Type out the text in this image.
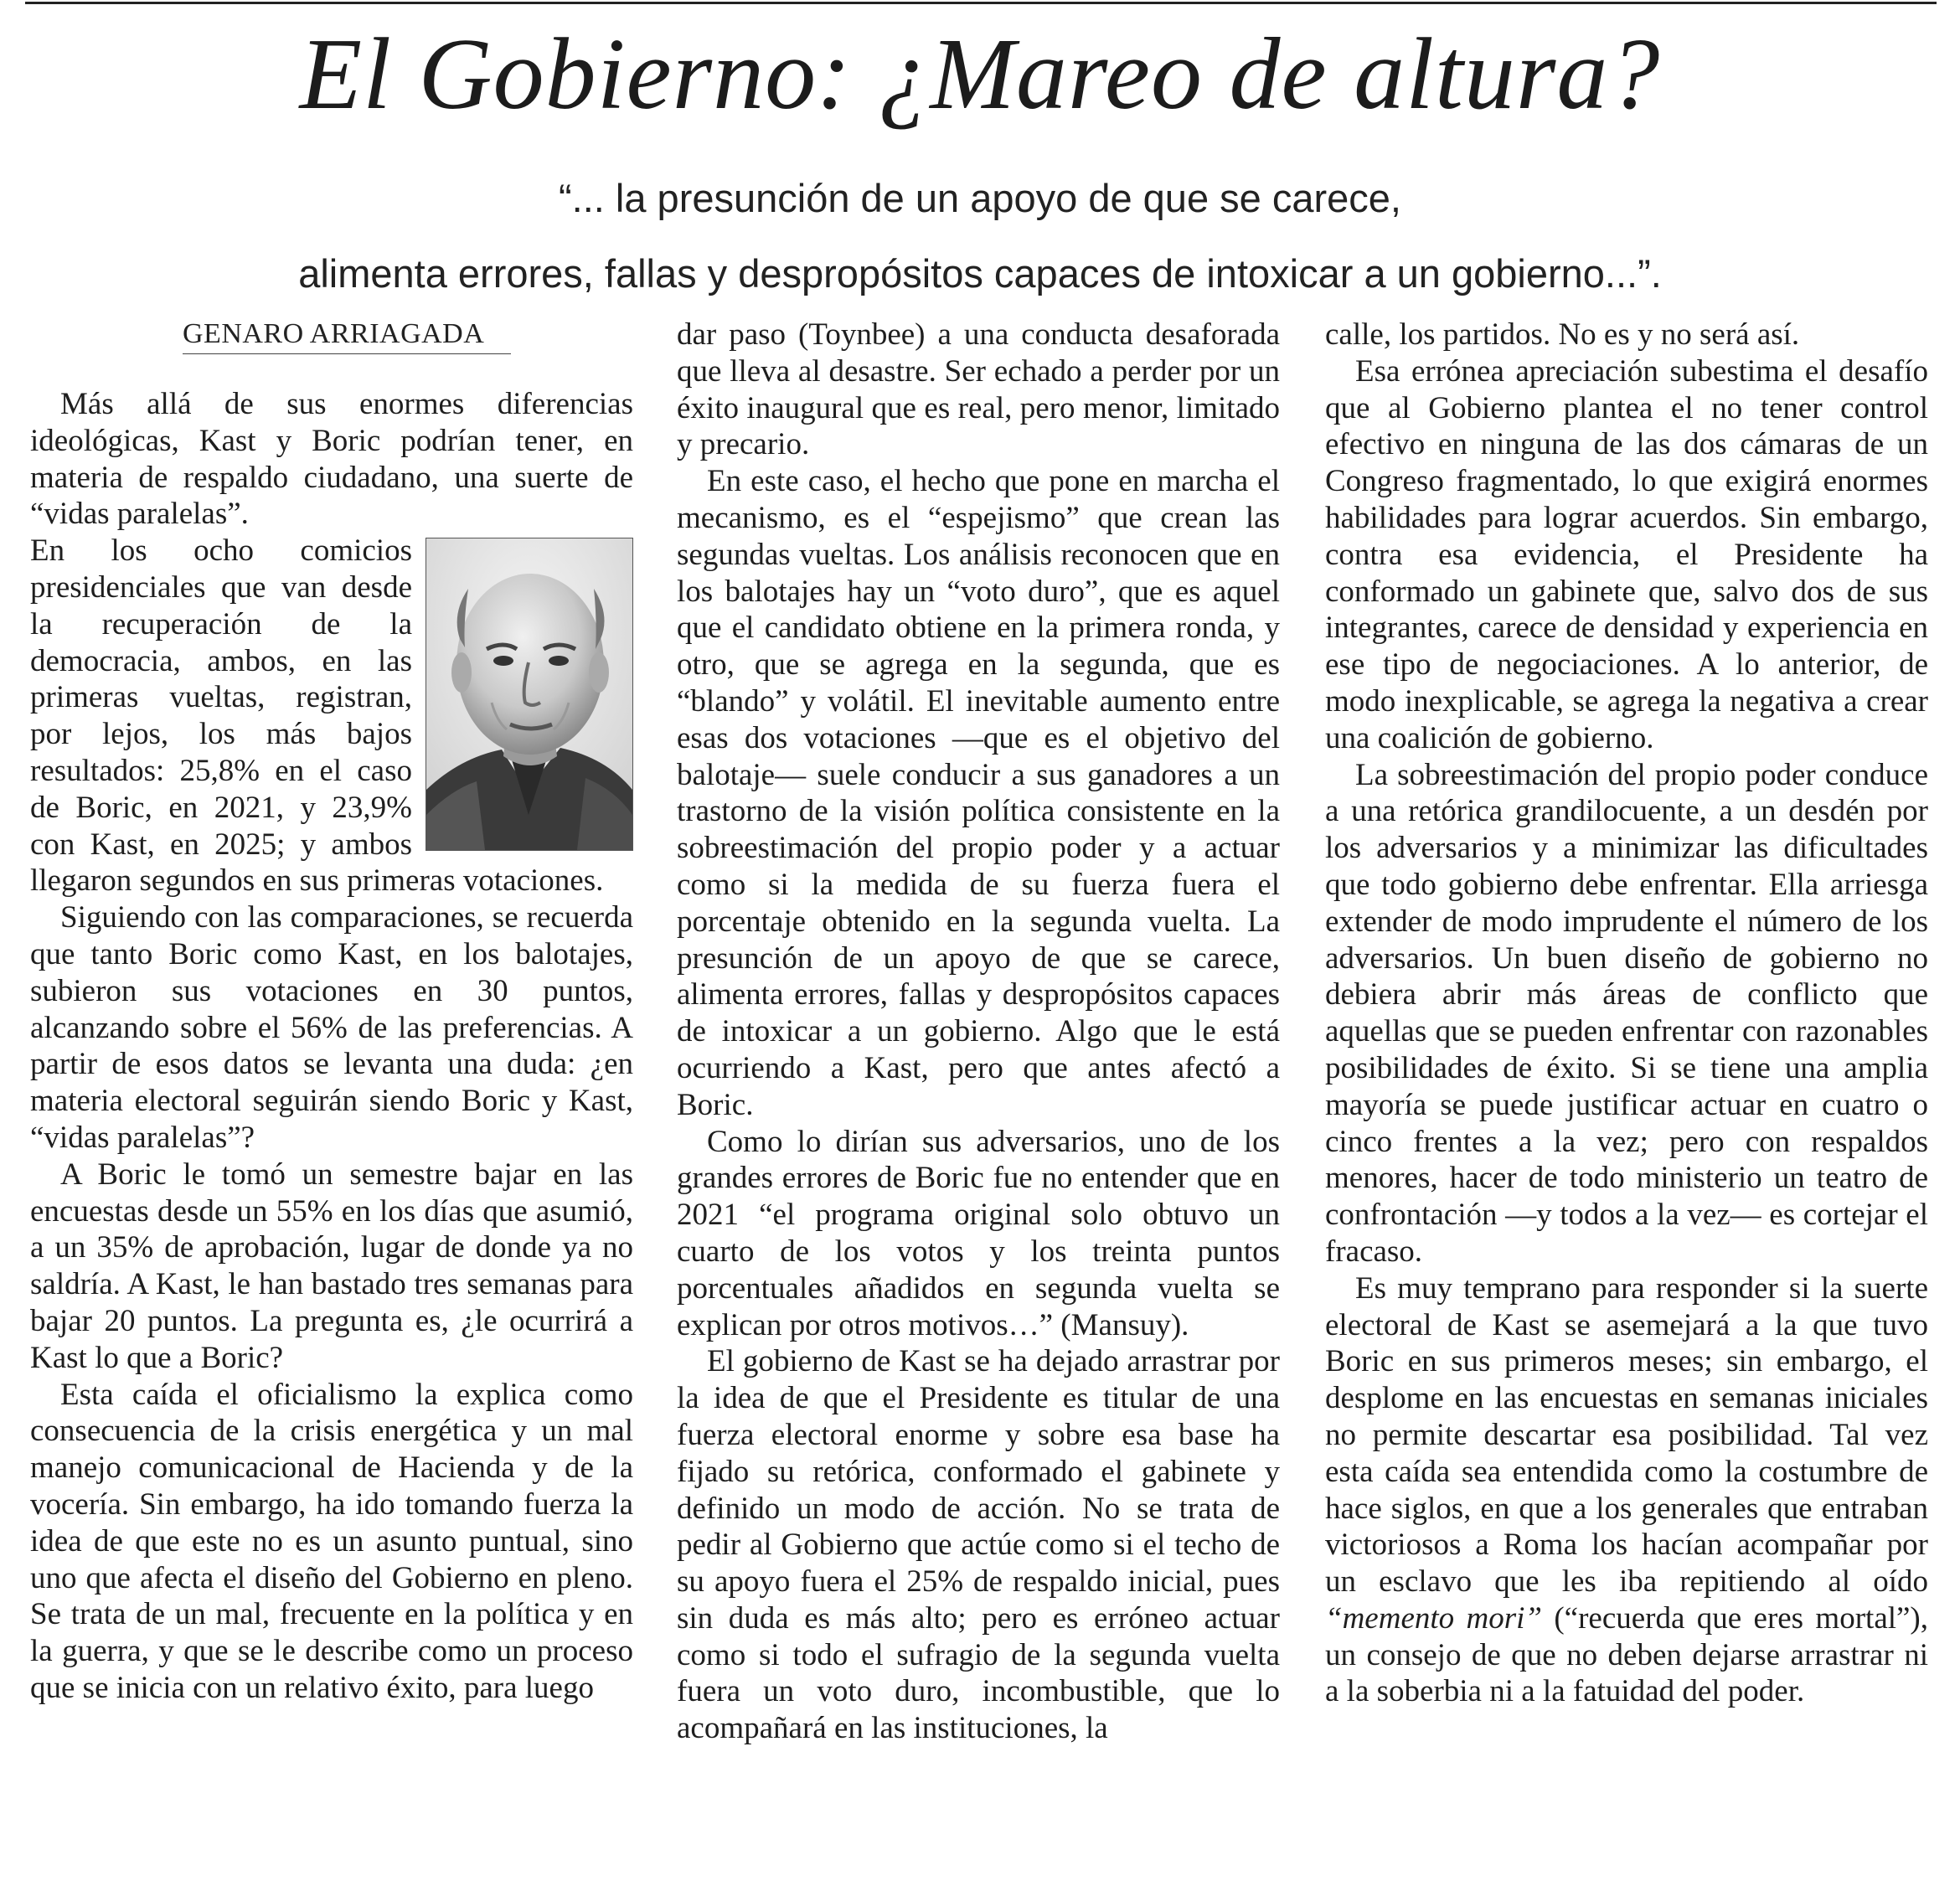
El Gobierno: ¿Mareo de altura?
“... la presunción de un apoyo de que se carece,
alimenta errores, fallas y despropósitos capaces de intoxicar a un gobierno...”.
GENARO ARRIAGADA

Más allá de sus enormes diferencias ideológicas, Kast y Boric podrían tener, en materia de respaldo ciudadano, una suerte de “vidas paralelas”.

En los ocho comicios presidenciales que van desde la recuperación de la democracia, ambos, en las primeras vueltas, registran, por lejos, los más bajos resultados: 25,8% en el caso de Boric, en 2021, y 23,9% con Kast, en 2025; y ambos llegaron segundos en sus primeras votaciones.

Siguiendo con las comparaciones, se recuerda que tanto Boric como Kast, en los balotajes, subieron sus votaciones en 30 puntos, alcanzando sobre el 56% de las preferencias. A partir de esos datos se levanta una duda: ¿en materia electoral seguirán siendo Boric y Kast, “vidas paralelas”?

A Boric le tomó un semestre bajar en las encuestas desde un 55% en los días que asumió, a un 35% de aprobación, lugar de donde ya no saldría. A Kast, le han bastado tres semanas para bajar 20 puntos. La pregunta es, ¿le ocurrirá a Kast lo que a Boric?

Esta caída el oficialismo la explica como consecuencia de la crisis energética y un mal manejo comunicacional de Hacienda y de la vocería. Sin embargo, ha ido tomando fuerza la idea de que este no es un asunto puntual, sino uno que afecta el diseño del Gobierno en pleno. Se trata de un mal, frecuente en la política y en la guerra, y que se le describe como un proceso que se inicia con un relativo éxito, para luego

dar paso (Toynbee) a una conducta desaforada que lleva al desastre. Ser echado a perder por un éxito inaugural que es real, pero menor, limitado y precario.

En este caso, el hecho que pone en marcha el mecanismo, es el “espejismo” que crean las segundas vueltas. Los análisis reconocen que en los balotajes hay un “voto duro”, que es aquel que el candidato obtiene en la primera ronda, y otro, que se agrega en la segunda, que es “blando” y volátil. El inevitable aumento entre esas dos votaciones —que es el objetivo del balotaje— suele conducir a sus ganadores a un trastorno de la visión política consistente en la sobreestimación del propio poder y a actuar como si la medida de su fuerza fuera el porcentaje obtenido en la segunda vuelta. La presunción de un apoyo de que se carece, alimenta errores, fallas y despropósitos capaces de intoxicar a un gobierno. Algo que le está ocurriendo a Kast, pero que antes afectó a Boric.

Como lo dirían sus adversarios, uno de los grandes errores de Boric fue no entender que en 2021 “el programa original solo obtuvo un cuarto de los votos y los treinta puntos porcentuales añadidos en segunda vuelta se explican por otros motivos…” (Mansuy).

El gobierno de Kast se ha dejado arrastrar por la idea de que el Presidente es titular de una fuerza electoral enorme y sobre esa base ha fijado su retórica, conformado el gabinete y definido un modo de acción. No se trata de pedir al Gobierno que actúe como si el techo de su apoyo fuera el 25% de respaldo inicial, pues sin duda es más alto; pero es erróneo actuar como si todo el sufragio de la segunda vuelta fuera un voto duro, incombustible, que lo acompañará en las instituciones, la

calle, los partidos. No es y no será así.

Esa errónea apreciación subestima el desafío que al Gobierno plantea el no tener control efectivo en ninguna de las dos cámaras de un Congreso fragmentado, lo que exigirá enormes habilidades para lograr acuerdos. Sin embargo, contra esa evidencia, el Presidente ha conformado un gabinete que, salvo dos de sus integrantes, carece de densidad y experiencia en ese tipo de negociaciones. A lo anterior, de modo inexplicable, se agrega la negativa a crear una coalición de gobierno.

La sobreestimación del propio poder conduce a una retórica grandilocuente, a un desdén por los adversarios y a minimizar las dificultades que todo gobierno debe enfrentar. Ella arriesga extender de modo imprudente el número de los adversarios. Un buen diseño de gobierno no debiera abrir más áreas de conflicto que aquellas que se pueden enfrentar con razonables posibilidades de éxito. Si se tiene una amplia mayoría se puede justificar actuar en cuatro o cinco frentes a la vez; pero con respaldos menores, hacer de todo ministerio un teatro de confrontación —y todos a la vez— es cortejar el fracaso.

Es muy temprano para responder si la suerte electoral de Kast se asemejará a la que tuvo Boric en sus primeros meses; sin embargo, el desplome en las encuestas en semanas iniciales no permite descartar esa posibilidad. Tal vez esta caída sea entendida como la costumbre de hace siglos, en que a los generales que entraban victoriosos a Roma los hacían acompañar por un esclavo que les iba repitiendo al oído “memento mori” (“recuerda que eres mortal”), un consejo de que no deben dejarse arrastrar ni a la soberbia ni a la fatuidad del poder.
